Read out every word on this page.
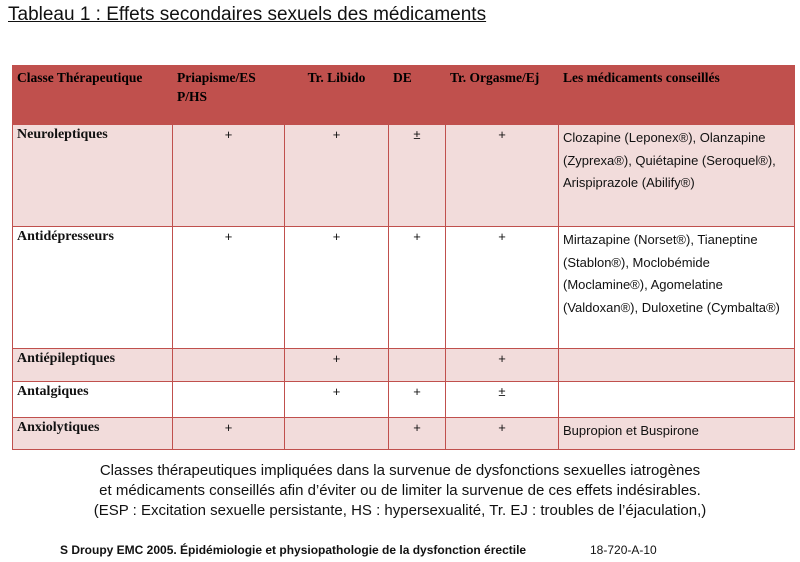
Tableau 1 : Effets secondaires sexuels des médicaments
Classe Thérapeutique	Priapisme/ES P/HS	Tr. Libido	DE	Tr. Orgasme/Ej	Les médicaments conseillés
Neuroleptiques	+	+	±	+	Clozapine (Leponex®), Olanzapine (Zyprexa®), Quiétapine (Seroquel®), Arispiprazole (Abilify®)
Antidépresseurs	+	+	+	+	Mirtazapine (Norset®), Tianeptine (Stablon®), Moclobémide (Moclamine®), Agomelatine (Valdoxan®), Duloxetine (Cymbalta®)
Antiépileptiques		+		+	
Antalgiques		+	+	±	
Anxiolytiques	+		+	+	Bupropion et Buspirone
Classes thérapeutiques impliquées dans la survenue de dysfonctions sexuelles iatrogènes
et médicaments conseillés afin d’éviter ou de limiter la survenue de ces effets indésirables.
(ESP : Excitation sexuelle persistante, HS : hypersexualité, Tr. EJ : troubles de l’éjaculation,)
S Droupy EMC 2005. Épidémiologie et physiopathologie de la dysfonction érectile	18-720-A-10
